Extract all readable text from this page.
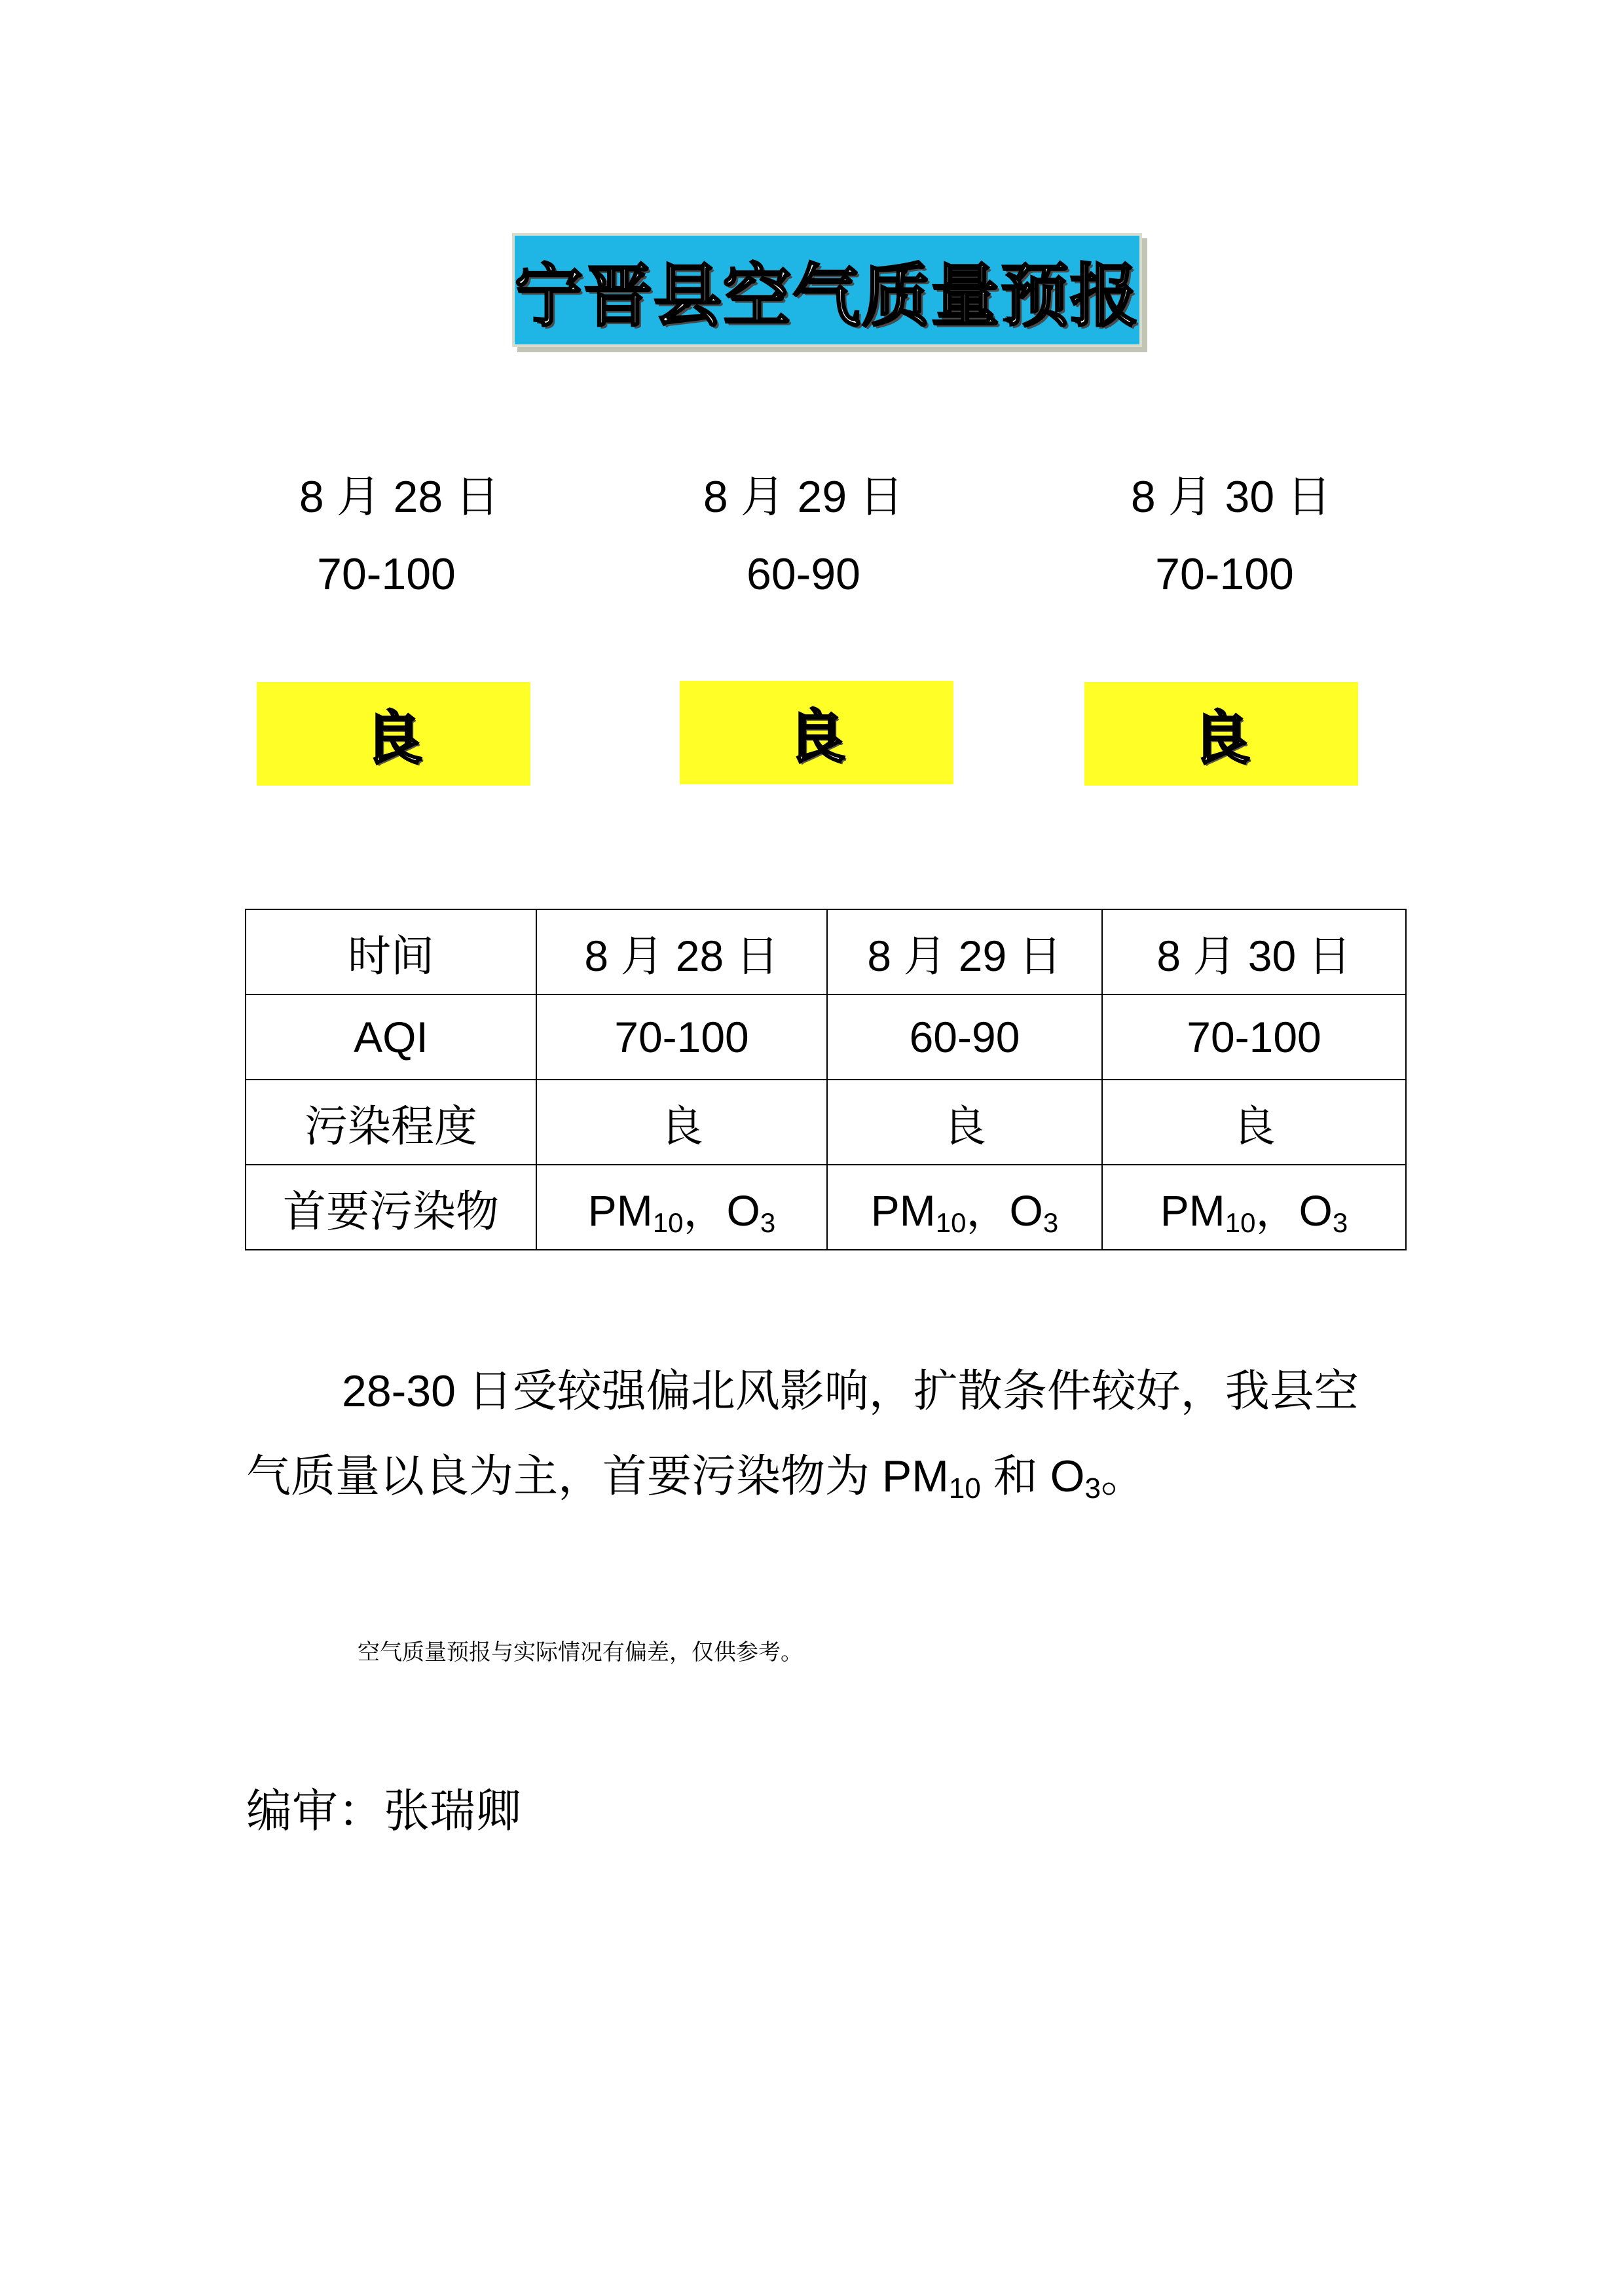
宁晋县空气质量预报
8 月 28 日	8 月 29 日	8 月 30 日
70-100	60-90	70-100
良	良	良
时间	8 月 28 日	8 月 29 日	8 月 30 日
AQI	70-100	60-90	70-100
污染程度	良	良	良
首要污染物	$PM_{10}$，$O_3$	$PM_{10}$，$O_3$	$PM_{10}$，$O_3$
28-30 日受较强偏北风影响，扩散条件较好，我县空气质量以良为主，首要污染物为 $PM_{10}$ 和 $O_3$。
空气质量预报与实际情况有偏差，仅供参考。
编审：张瑞卿
